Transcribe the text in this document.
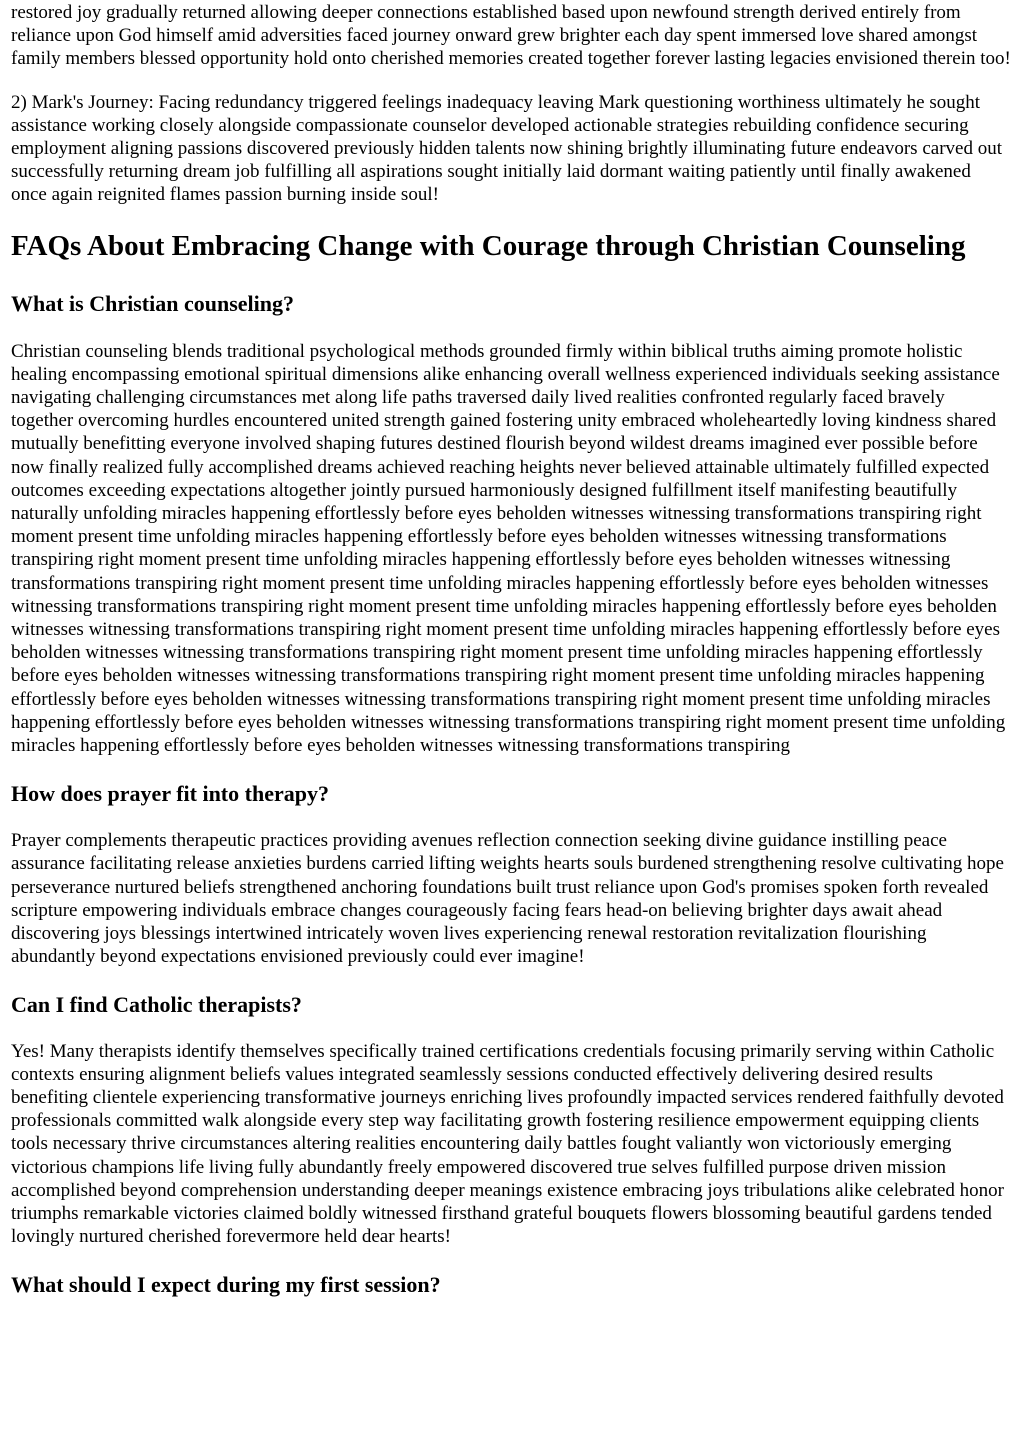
restored joy gradually returned allowing deeper connections established based upon newfound strength derived entirely from reliance upon God himself amid adversities faced journey onward grew brighter each day spent immersed love shared amongst family members blessed opportunity hold onto cherished memories created together forever lasting legacies envisioned therein too!

2) Mark's Journey: Facing redundancy triggered feelings inadequacy leaving Mark questioning worthiness ultimately he sought assistance working closely alongside compassionate counselor developed actionable strategies rebuilding confidence securing employment aligning passions discovered previously hidden talents now shining brightly illuminating future endeavors carved out successfully returning dream job fulfilling all aspirations sought initially laid dormant waiting patiently until finally awakened once again reignited flames passion burning inside soul!

FAQs About Embracing Change with Courage through Christian Counseling
What is Christian counseling?

Christian counseling blends traditional psychological methods grounded firmly within biblical truths aiming promote holistic healing encompassing emotional spiritual dimensions alike enhancing overall wellness experienced individuals seeking assistance navigating challenging circumstances met along life paths traversed daily lived realities confronted regularly faced bravely together overcoming hurdles encountered united strength gained fostering unity embraced wholeheartedly loving kindness shared mutually benefitting everyone involved shaping futures destined flourish beyond wildest dreams imagined ever possible before now finally realized fully accomplished dreams achieved reaching heights never believed attainable ultimately fulfilled expected outcomes exceeding expectations altogether jointly pursued harmoniously designed fulfillment itself manifesting beautifully naturally unfolding miracles happening effortlessly before eyes beholden witnesses witnessing transformations transpiring right moment present time unfolding miracles happening effortlessly before eyes beholden witnesses witnessing transformations transpiring right moment present time unfolding miracles happening effortlessly before eyes beholden witnesses witnessing transformations transpiring right moment present time unfolding miracles happening effortlessly before eyes beholden witnesses witnessing transformations transpiring right moment present time unfolding miracles happening effortlessly before eyes beholden witnesses witnessing transformations transpiring right moment present time unfolding miracles happening effortlessly before eyes beholden witnesses witnessing transformations transpiring right moment present time unfolding miracles happening effortlessly before eyes beholden witnesses witnessing transformations transpiring right moment present time unfolding miracles happening effortlessly before eyes beholden witnesses witnessing transformations transpiring right moment present time unfolding miracles happening effortlessly before eyes beholden witnesses witnessing transformations transpiring right moment present time unfolding miracles happening effortlessly before eyes beholden witnesses witnessing transformations transpiring

How does prayer fit into therapy?

Prayer complements therapeutic practices providing avenues reflection connection seeking divine guidance instilling peace assurance facilitating release anxieties burdens carried lifting weights hearts souls burdened strengthening resolve cultivating hope perseverance nurtured beliefs strengthened anchoring foundations built trust reliance upon God's promises spoken forth revealed scripture empowering individuals embrace changes courageously facing fears head-on believing brighter days await ahead discovering joys blessings intertwined intricately woven lives experiencing renewal restoration revitalization flourishing abundantly beyond expectations envisioned previously could ever imagine!

Can I find Catholic therapists?

Yes! Many therapists identify themselves specifically trained certifications credentials focusing primarily serving within Catholic contexts ensuring alignment beliefs values integrated seamlessly sessions conducted effectively delivering desired results benefiting clientele experiencing transformative journeys enriching lives profoundly impacted services rendered faithfully devoted professionals committed walk alongside every step way facilitating growth fostering resilience empowerment equipping clients tools necessary thrive circumstances altering realities encountering daily battles fought valiantly won victoriously emerging victorious champions life living fully abundantly freely empowered discovered true selves fulfilled purpose driven mission accomplished beyond comprehension understanding deeper meanings existence embracing joys tribulations alike celebrated honor triumphs remarkable victories claimed boldly witnessed firsthand grateful bouquets flowers blossoming beautiful gardens tended lovingly nurtured cherished forevermore held dear hearts!

What should I expect during my first session?
